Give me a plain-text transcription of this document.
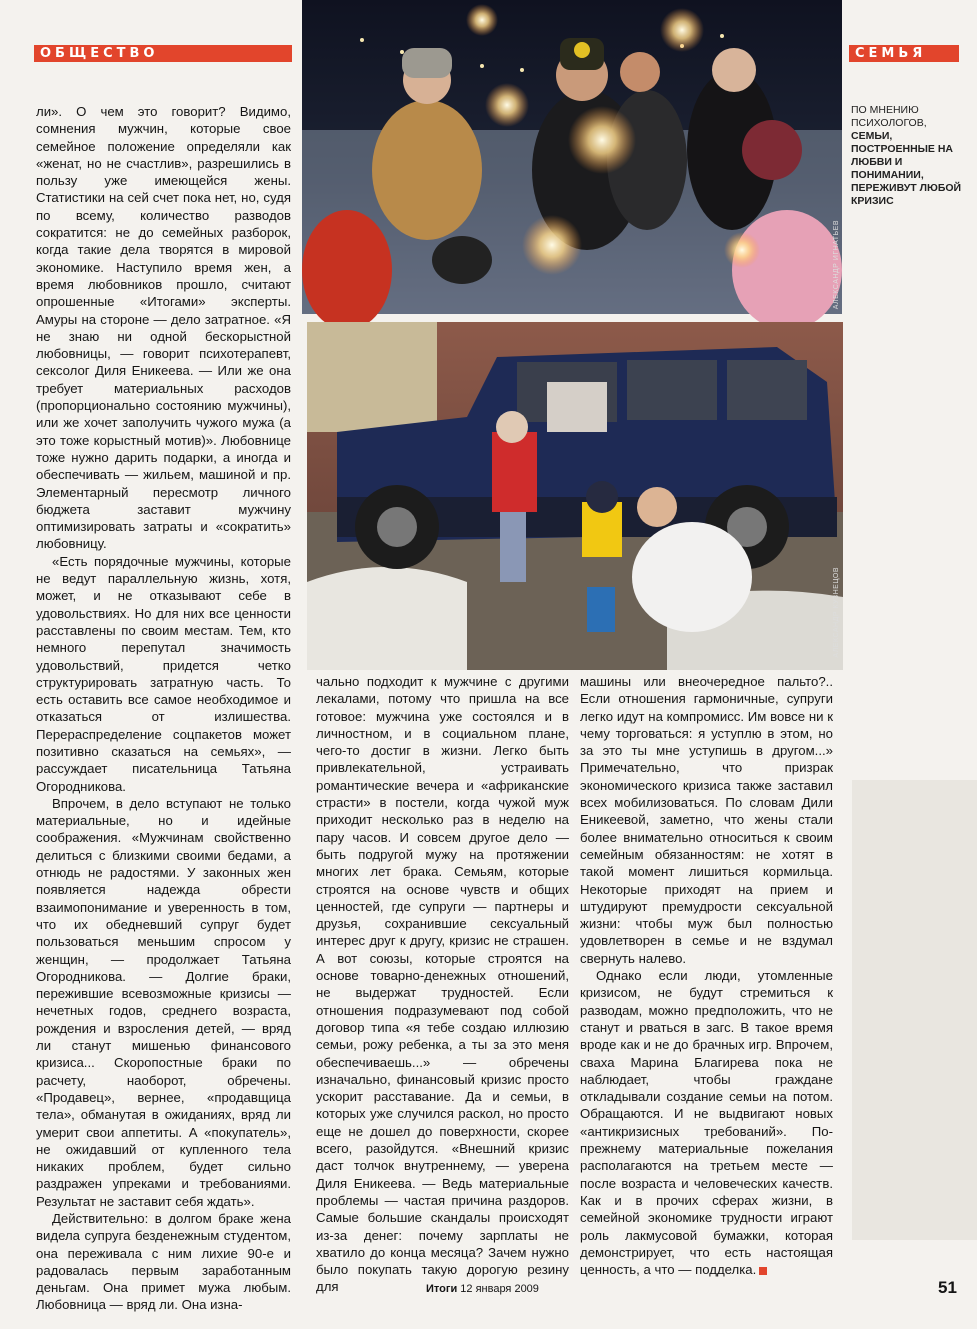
ОБЩЕСТВО	СЕМЬЯ
АЛЕКСАНДР ИГНАТЬЕВ
АЛЕКСАНДР КУЗНЕЦОВ
ПО МНЕНИЮ ПСИХОЛОГОВ, СЕМЬИ, ПОСТРОЕННЫЕ НА ЛЮБВИ И ПОНИМАНИИ, ПЕРЕЖИВУТ ЛЮБОЙ КРИЗИС

ли». О чем это говорит? Видимо, сомнения мужчин, которые свое семейное положение определяли как «женат, но не счастлив», разрешились в пользу уже имеющейся жены. Статистики на сей счет пока нет, но, судя по всему, количество разводов сократится: не до семейных разборок, когда такие дела творятся в мировой экономике. Наступило время жен, а время любовников прошло, считают опрошенные «Итогами» эксперты. Амуры на стороне — дело затратное. «Я не знаю ни одной бескорыстной любовницы, — говорит психотерапевт, сексолог Диля Еникеева. — Или же она требует материальных расходов (пропорционально состоянию мужчины), или же хочет заполучить чужого мужа (а это тоже корыстный мотив)». Любовнице тоже нужно дарить подарки, а иногда и обеспечивать — жильем, машиной и пр. Элементарный пересмотр личного бюджета заставит мужчину оптимизировать затраты и «сократить» любовницу.

«Есть порядочные мужчины, которые не ведут параллельную жизнь, хотя, может, и не отказывают себе в удовольствиях. Но для них все ценности расставлены по своим местам. Тем, кто немного перепутал значимость удовольствий, придется четко структурировать затратную часть. То есть оставить все самое необходимое и отказаться от излишества. Перераспределение соцпакетов может позитивно сказаться на семьях», — рассуждает писательница Татьяна Огородникова.

Впрочем, в дело вступают не только материальные, но и идейные соображения. «Мужчинам свойственно делиться с близкими своими бедами, а отнюдь не радостями. У законных жен появляется надежда обрести взаимопонимание и уверенность в том, что их обедневший супруг будет пользоваться меньшим спросом у женщин, — продолжает Татьяна Огородникова. — Долгие браки, пережившие всевозможные кризисы — нечетных годов, среднего возраста, рождения и взросления детей, — вряд ли станут мишенью финансового кризиса... Скоропостные браки по расчету, наоборот, обречены. «Продавец», вернее, «продавщица тела», обманутая в ожиданиях, вряд ли умерит свои аппетиты. А «покупатель», не ожидавший от купленного тела никаких проблем, будет сильно раздражен упреками и требованиями. Результат не заставит себя ждать».

Действительно: в долгом браке жена видела супруга безденежным студентом, она переживала с ним лихие 90-е и радовалась первым заработанным деньгам. Она примет мужа любым. Любовница — вряд ли. Она изна-

чально подходит к мужчине с другими лекалами, потому что пришла на все готовое: мужчина уже состоялся и в личностном, и в социальном плане, чего-то достиг в жизни. Легко быть привлекательной, устраивать романтические вечера и «африканские страсти» в постели, когда чужой муж приходит несколько раз в неделю на пару часов. И совсем другое дело — быть подругой мужу на протяжении многих лет брака. Семьям, которые строятся на основе чувств и общих ценностей, где супруги — партнеры и друзья, сохранившие сексуальный интерес друг к другу, кризис не страшен. А вот союзы, которые строятся на основе товарно-денежных отношений, не выдержат трудностей. Если отношения подразумевают под собой договор типа «я тебе создаю иллюзию семьи, рожу ребенка, а ты за это меня обеспечиваешь...» — обречены изначально, финансовый кризис просто ускорит расставание. Да и семьи, в которых уже случился раскол, но просто еще не дошел до поверхности, скорее всего, разойдутся. «Внешний кризис даст толчок внутреннему, — уверена Диля Еникеева. — Ведь материальные проблемы — частая причина раздоров. Самые большие скандалы происходят из-за денег: почему зарплаты не хватило до конца месяца? Зачем нужно было покупать такую дорогую резину для

машины или внеочередное пальто?.. Если отношения гармоничные, супруги легко идут на компромисс. Им вовсе ни к чему торговаться: я уступлю в этом, но за это ты мне уступишь в другом...» Примечательно, что призрак экономического кризиса также заставил всех мобилизоваться. По словам Дили Еникеевой, заметно, что жены стали более внимательно относиться к своим семейным обязанностям: не хотят в такой момент лишиться кормильца. Некоторые приходят на прием и штудируют премудрости сексуальной жизни: чтобы муж был полностью удовлетворен в семье и не вздумал свернуть налево.

Однако если люди, утомленные кризисом, не будут стремиться к разводам, можно предположить, что не станут и рваться в загс. В такое время вроде как и не до брачных игр. Впрочем, сваха Марина Благирева пока не наблюдает, чтобы граждане откладывали создание семьи на потом. Обращаются. И не выдвигают новых «антикризисных требований». По-прежнему материальные пожелания располагаются на третьем месте — после возраста и человеческих качеств. Как и в прочих сферах жизни, в семейной экономике трудности играют роль лакмусовой бумажки, которая демонстрирует, что есть настоящая ценность, а что — подделка.

Итоги 12 января 2009	51
